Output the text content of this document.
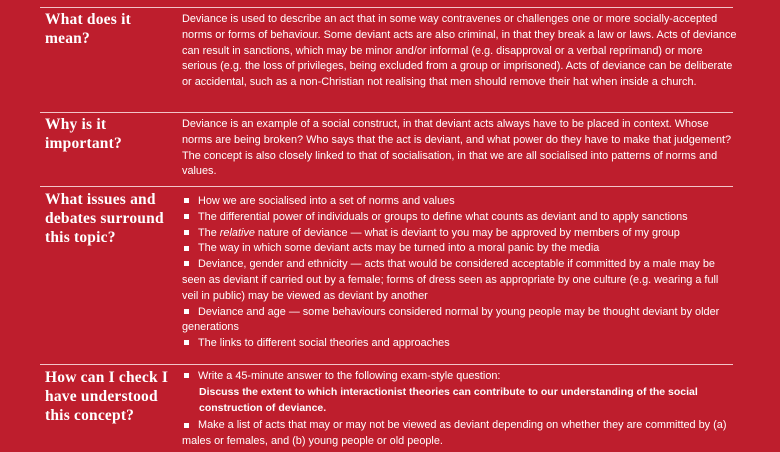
What does it mean?

Deviance is used to describe an act that in some way contravenes or challenges one or more socially-accepted norms or forms of behaviour. Some deviant acts are also criminal, in that they break a law or laws. Acts of deviance can result in sanctions, which may be minor and/or informal (e.g. disapproval or a verbal reprimand) or more serious (e.g. the loss of privileges, being excluded from a group or imprisoned). Acts of deviance can be deliberate or accidental, such as a non-Christian not realising that men should remove their hat when inside a church.

Why is it important?

Deviance is an example of a social construct, in that deviant acts always have to be placed in context. Whose norms are being broken? Who says that the act is deviant, and what power do they have to make that judgement? The concept is also closely linked to that of socialisation, in that we are all socialised into patterns of norms and values.

What issues and debates surround this topic?

How we are socialised into a set of norms and values

The differential power of individuals or groups to define what counts as deviant and to apply sanctions

The relative nature of deviance — what is deviant to you may be approved by members of my group

The way in which some deviant acts may be turned into a moral panic by the media

Deviance, gender and ethnicity — acts that would be considered acceptable if committed by a male may be seen as deviant if carried out by a female; forms of dress seen as appropriate by one culture (e.g. wearing a full veil in public) may be viewed as deviant by another

Deviance and age — some behaviours considered normal by young people may be thought deviant by older generations

The links to different social theories and approaches

How can I check I have understood this concept?

Write a 45-minute answer to the following exam-style question:

Discuss the extent to which interactionist theories can contribute to our understanding of the social construction of deviance.

Make a list of acts that may or may not be viewed as deviant depending on whether they are committed by (a) males or females, and (b) young people or old people.
